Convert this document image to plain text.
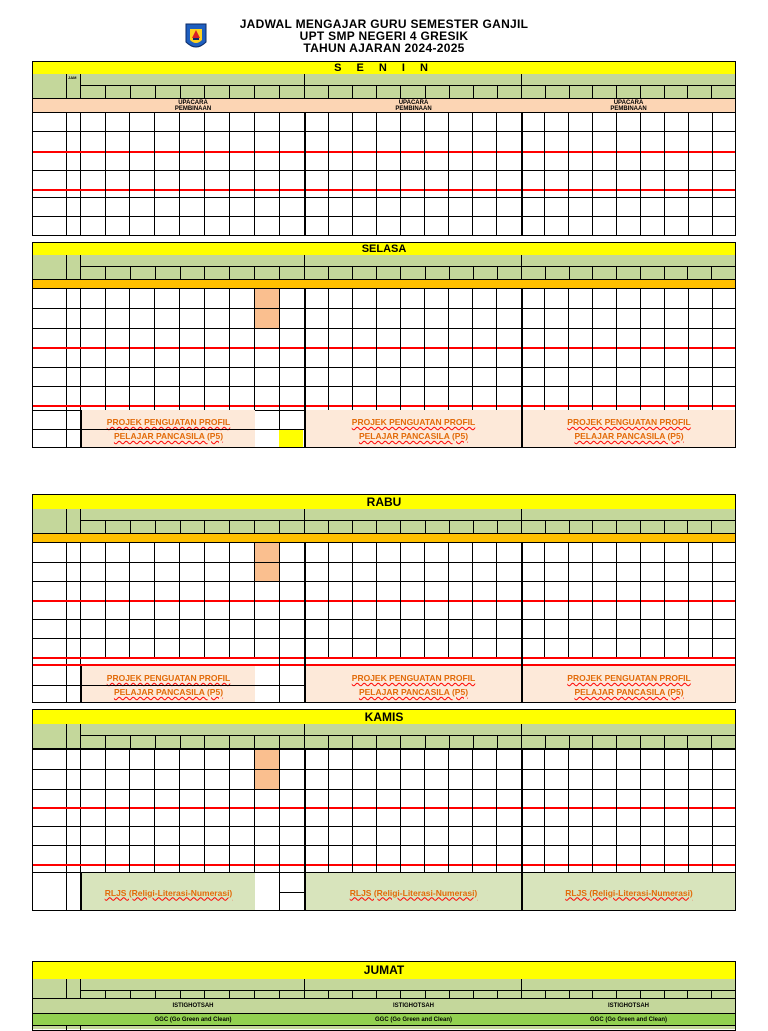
JADWAL MENGAJAR GURU SEMESTER GANJIL
UPT SMP NEGERI 4 GRESIK
TAHUN AJARAN 2024-2025
S E N I N
JAM
UPACARA	UPACARA	UPACARA
PEMBINAAN	PEMBINAAN	PEMBINAAN
SELASA
PROJEK PENGUATAN PROFIL
PELAJAR PANCASILA (P5)
PROJEK PENGUATAN PROFIL
PELAJAR PANCASILA (P5)
PROJEK PENGUATAN PROFIL
PELAJAR PANCASILA (P5)
RABU
PROJEK PENGUATAN PROFIL
PELAJAR PANCASILA (P5)
PROJEK PENGUATAN PROFIL
PELAJAR PANCASILA (P5)
PROJEK PENGUATAN PROFIL
PELAJAR PANCASILA (P5)
KAMIS
RLJS (Religi-Literasi-Numerasi)	RLJS (Religi-Literasi-Numerasi)	RLJS (Religi-Literasi-Numerasi)
JUMAT
ISTIGHOTSAH	ISTIGHOTSAH	ISTIGHOTSAH
GGC (Go Green and Clean)	GGC (Go Green and Clean)	GGC (Go Green and Clean)
